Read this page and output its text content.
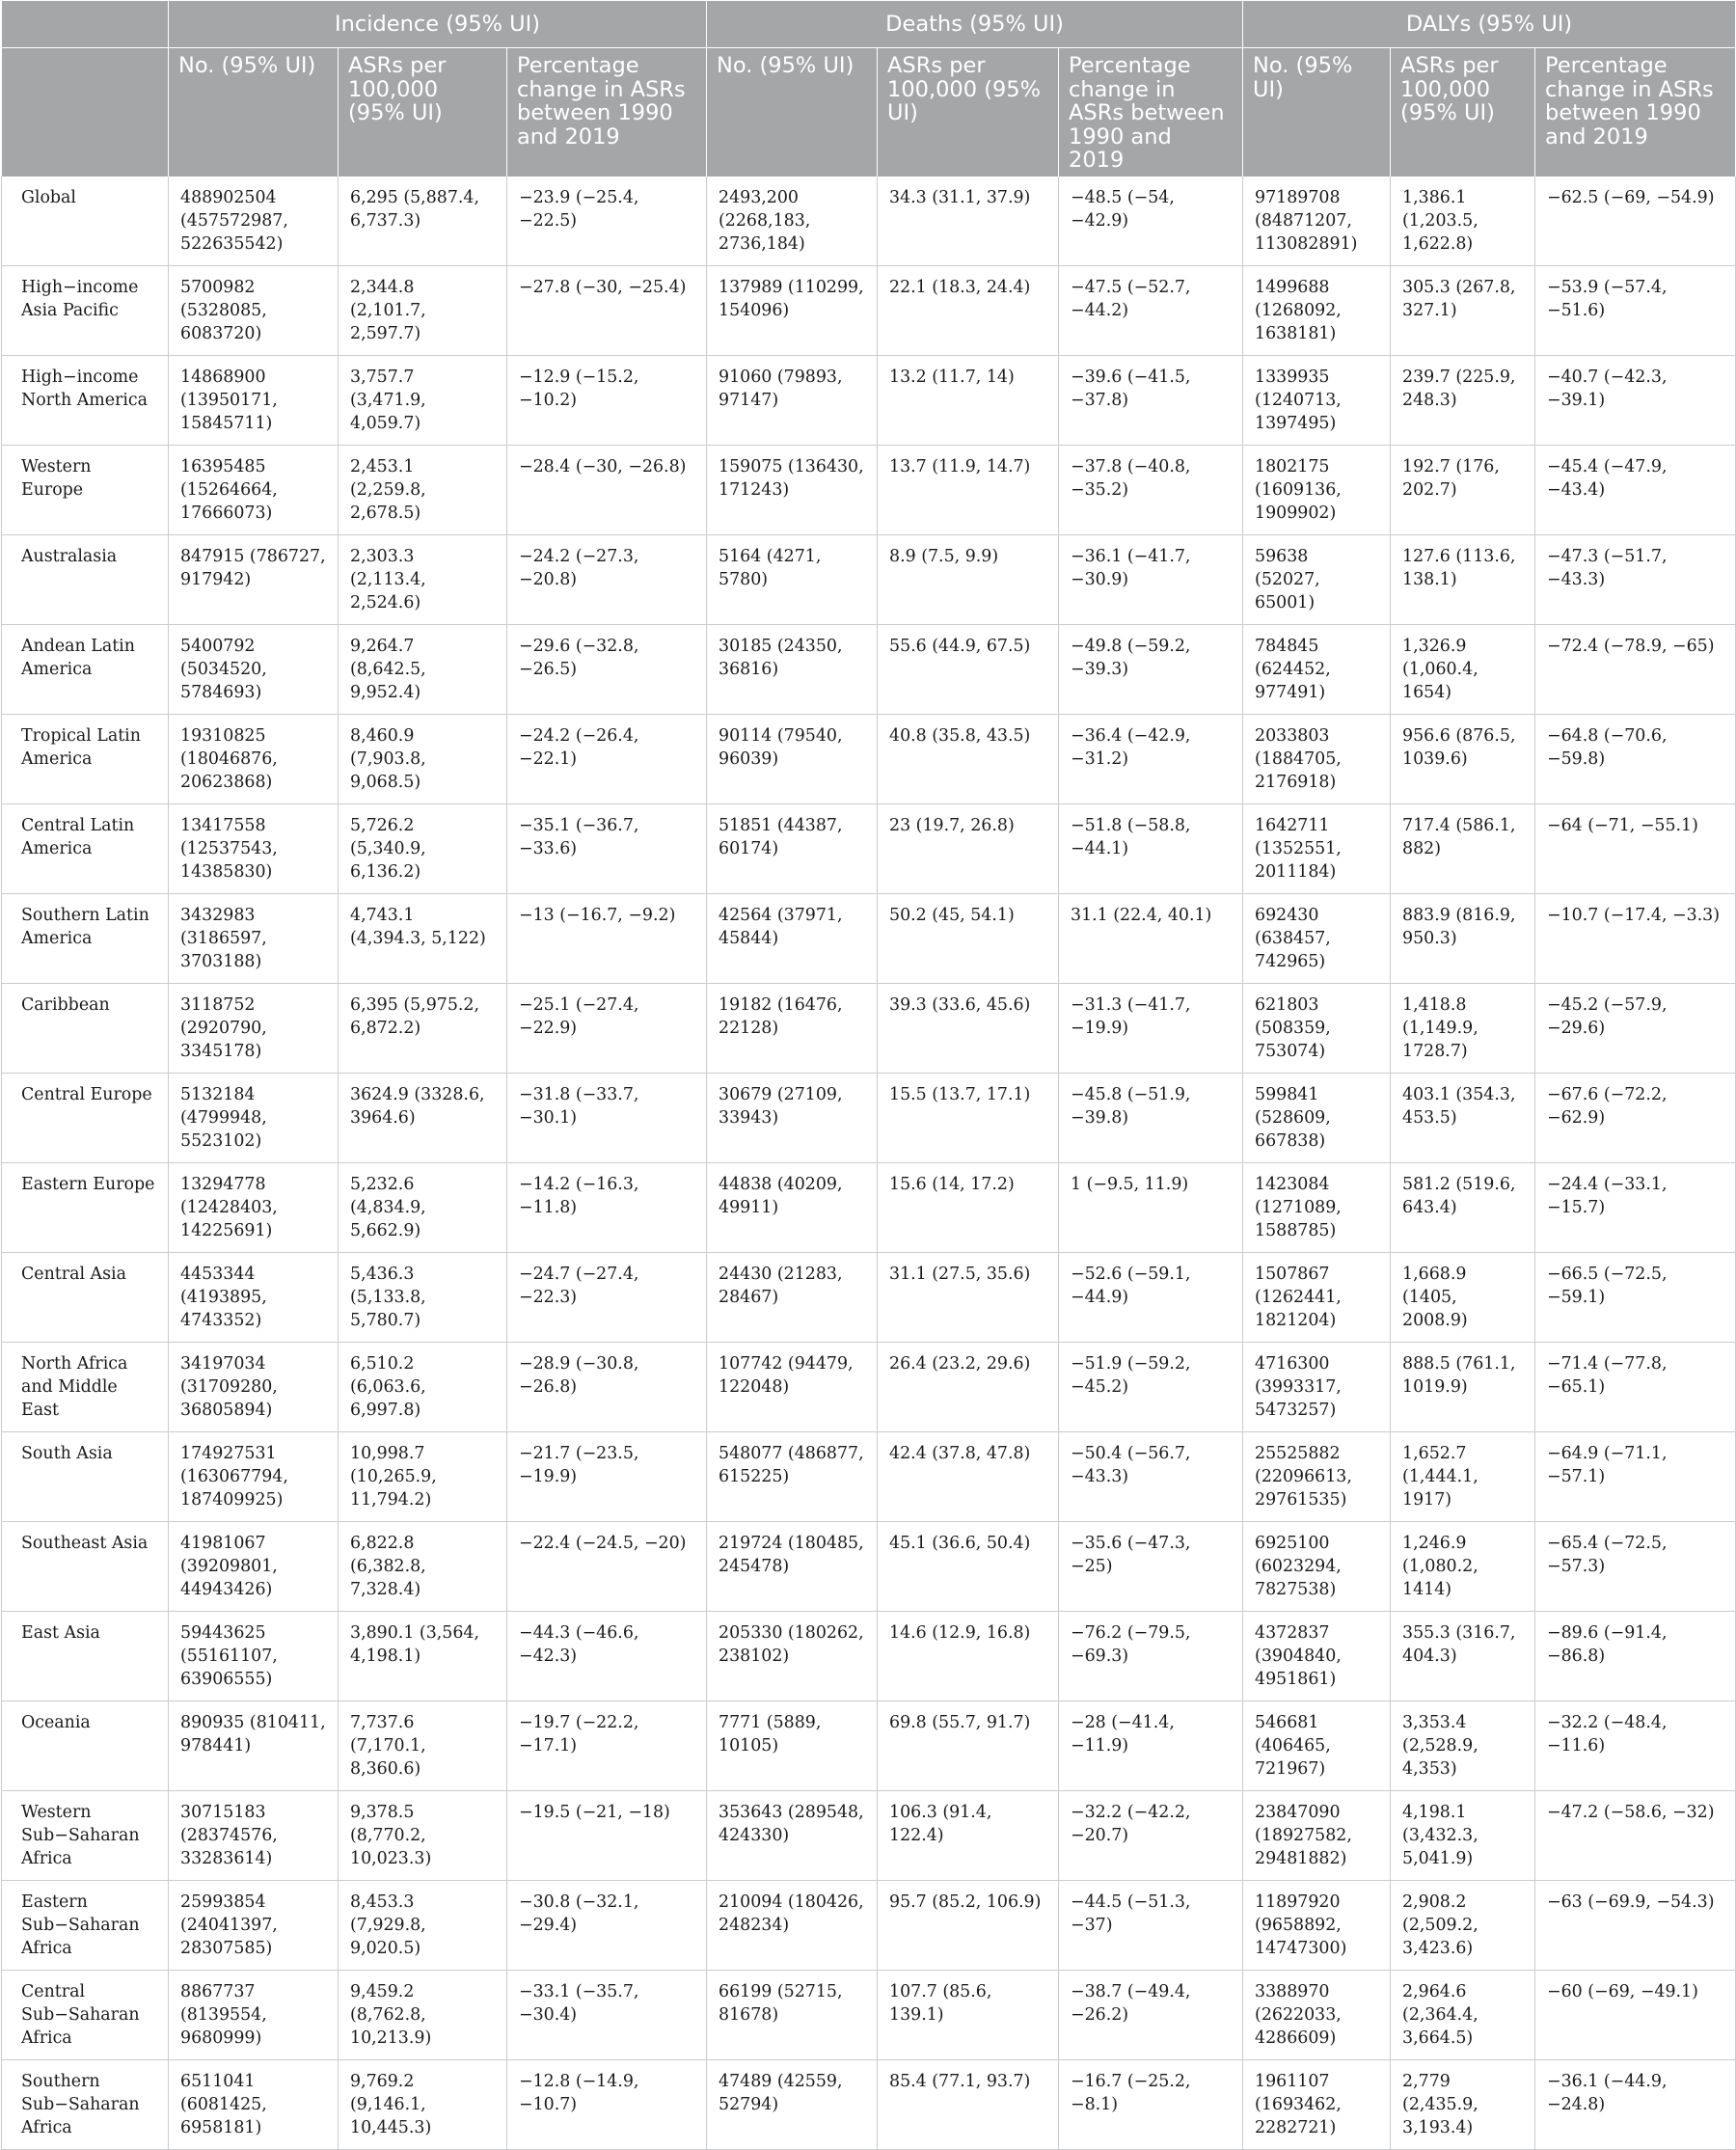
	Incidence (95% UI)			Deaths (95% UI)			DALYs (95% UI)		
	No. (95% UI)	ASRs per 100,000 (95% UI)	Percentage change in ASRs between 1990 and 2019	No. (95% UI)	ASRs per 100,000 (95% UI)	Percentage change in ASRs between 1990 and 2019	No. (95% UI)	ASRs per 100,000 (95% UI)	Percentage change in ASRs between 1990 and 2019
Global	488902504 (457572987, 522635542)	6,295 (5,887.4, 6,737.3)	−23.9 (−25.4, −22.5)	2493,200 (2268,183, 2736,184)	34.3 (31.1, 37.9)	−48.5 (−54, −42.9)	97189708 (84871207, 113082891)	1,386.1 (1,203.5, 1,622.8)	−62.5 (−69, −54.9)
High−income Asia Pacific	5700982 (5328085, 6083720)	2,344.8 (2,101.7, 2,597.7)	−27.8 (−30, −25.4)	137989 (110299, 154096)	22.1 (18.3, 24.4)	−47.5 (−52.7, −44.2)	1499688 (1268092, 1638181)	305.3 (267.8, 327.1)	−53.9 (−57.4, −51.6)
High−income North America	14868900 (13950171, 15845711)	3,757.7 (3,471.9, 4,059.7)	−12.9 (−15.2, −10.2)	91060 (79893, 97147)	13.2 (11.7, 14)	−39.6 (−41.5, −37.8)	1339935 (1240713, 1397495)	239.7 (225.9, 248.3)	−40.7 (−42.3, −39.1)
Western Europe	16395485 (15264664, 17666073)	2,453.1 (2,259.8, 2,678.5)	−28.4 (−30, −26.8)	159075 (136430, 171243)	13.7 (11.9, 14.7)	−37.8 (−40.8, −35.2)	1802175 (1609136, 1909902)	192.7 (176, 202.7)	−45.4 (−47.9, −43.4)
Australasia	847915 (786727, 917942)	2,303.3 (2,113.4, 2,524.6)	−24.2 (−27.3, −20.8)	5164 (4271, 5780)	8.9 (7.5, 9.9)	−36.1 (−41.7, −30.9)	59638 (52027, 65001)	127.6 (113.6, 138.1)	−47.3 (−51.7, −43.3)
Andean Latin America	5400792 (5034520, 5784693)	9,264.7 (8,642.5, 9,952.4)	−29.6 (−32.8, −26.5)	30185 (24350, 36816)	55.6 (44.9, 67.5)	−49.8 (−59.2, −39.3)	784845 (624452, 977491)	1,326.9 (1,060.4, 1654)	−72.4 (−78.9, −65)
Tropical Latin America	19310825 (18046876, 20623868)	8,460.9 (7,903.8, 9,068.5)	−24.2 (−26.4, −22.1)	90114 (79540, 96039)	40.8 (35.8, 43.5)	−36.4 (−42.9, −31.2)	2033803 (1884705, 2176918)	956.6 (876.5, 1039.6)	−64.8 (−70.6, −59.8)
Central Latin America	13417558 (12537543, 14385830)	5,726.2 (5,340.9, 6,136.2)	−35.1 (−36.7, −33.6)	51851 (44387, 60174)	23 (19.7, 26.8)	−51.8 (−58.8, −44.1)	1642711 (1352551, 2011184)	717.4 (586.1, 882)	−64 (−71, −55.1)
Southern Latin America	3432983 (3186597, 3703188)	4,743.1 (4,394.3, 5,122)	−13 (−16.7, −9.2)	42564 (37971, 45844)	50.2 (45, 54.1)	31.1 (22.4, 40.1)	692430 (638457, 742965)	883.9 (816.9, 950.3)	−10.7 (−17.4, −3.3)
Caribbean	3118752 (2920790, 3345178)	6,395 (5,975.2, 6,872.2)	−25.1 (−27.4, −22.9)	19182 (16476, 22128)	39.3 (33.6, 45.6)	−31.3 (−41.7, −19.9)	621803 (508359, 753074)	1,418.8 (1,149.9, 1728.7)	−45.2 (−57.9, −29.6)
Central Europe	5132184 (4799948, 5523102)	3624.9 (3328.6, 3964.6)	−31.8 (−33.7, −30.1)	30679 (27109, 33943)	15.5 (13.7, 17.1)	−45.8 (−51.9, −39.8)	599841 (528609, 667838)	403.1 (354.3, 453.5)	−67.6 (−72.2, −62.9)
Eastern Europe	13294778 (12428403, 14225691)	5,232.6 (4,834.9, 5,662.9)	−14.2 (−16.3, −11.8)	44838 (40209, 49911)	15.6 (14, 17.2)	1 (−9.5, 11.9)	1423084 (1271089, 1588785)	581.2 (519.6, 643.4)	−24.4 (−33.1, −15.7)
Central Asia	4453344 (4193895, 4743352)	5,436.3 (5,133.8, 5,780.7)	−24.7 (−27.4, −22.3)	24430 (21283, 28467)	31.1 (27.5, 35.6)	−52.6 (−59.1, −44.9)	1507867 (1262441, 1821204)	1,668.9 (1405, 2008.9)	−66.5 (−72.5, −59.1)
North Africa and Middle East	34197034 (31709280, 36805894)	6,510.2 (6,063.6, 6,997.8)	−28.9 (−30.8, −26.8)	107742 (94479, 122048)	26.4 (23.2, 29.6)	−51.9 (−59.2, −45.2)	4716300 (3993317, 5473257)	888.5 (761.1, 1019.9)	−71.4 (−77.8, −65.1)
South Asia	174927531 (163067794, 187409925)	10,998.7 (10,265.9, 11,794.2)	−21.7 (−23.5, −19.9)	548077 (486877, 615225)	42.4 (37.8, 47.8)	−50.4 (−56.7, −43.3)	25525882 (22096613, 29761535)	1,652.7 (1,444.1, 1917)	−64.9 (−71.1, −57.1)
Southeast Asia	41981067 (39209801, 44943426)	6,822.8 (6,382.8, 7,328.4)	−22.4 (−24.5, −20)	219724 (180485, 245478)	45.1 (36.6, 50.4)	−35.6 (−47.3, −25)	6925100 (6023294, 7827538)	1,246.9 (1,080.2, 1414)	−65.4 (−72.5, −57.3)
East Asia	59443625 (55161107, 63906555)	3,890.1 (3,564, 4,198.1)	−44.3 (−46.6, −42.3)	205330 (180262, 238102)	14.6 (12.9, 16.8)	−76.2 (−79.5, −69.3)	4372837 (3904840, 4951861)	355.3 (316.7, 404.3)	−89.6 (−91.4, −86.8)
Oceania	890935 (810411, 978441)	7,737.6 (7,170.1, 8,360.6)	−19.7 (−22.2, −17.1)	7771 (5889, 10105)	69.8 (55.7, 91.7)	−28 (−41.4, −11.9)	546681 (406465, 721967)	3,353.4 (2,528.9, 4,353)	−32.2 (−48.4, −11.6)
Western Sub−Saharan Africa	30715183 (28374576, 33283614)	9,378.5 (8,770.2, 10,023.3)	−19.5 (−21, −18)	353643 (289548, 424330)	106.3 (91.4, 122.4)	−32.2 (−42.2, −20.7)	23847090 (18927582, 29481882)	4,198.1 (3,432.3, 5,041.9)	−47.2 (−58.6, −32)
Eastern Sub−Saharan Africa	25993854 (24041397, 28307585)	8,453.3 (7,929.8, 9,020.5)	−30.8 (−32.1, −29.4)	210094 (180426, 248234)	95.7 (85.2, 106.9)	−44.5 (−51.3, −37)	11897920 (9658892, 14747300)	2,908.2 (2,509.2, 3,423.6)	−63 (−69.9, −54.3)
Central Sub−Saharan Africa	8867737 (8139554, 9680999)	9,459.2 (8,762.8, 10,213.9)	−33.1 (−35.7, −30.4)	66199 (52715, 81678)	107.7 (85.6, 139.1)	−38.7 (−49.4, −26.2)	3388970 (2622033, 4286609)	2,964.6 (2,364.4, 3,664.5)	−60 (−69, −49.1)
Southern Sub−Saharan Africa	6511041 (6081425, 6958181)	9,769.2 (9,146.1, 10,445.3)	−12.8 (−14.9, −10.7)	47489 (42559, 52794)	85.4 (77.1, 93.7)	−16.7 (−25.2, −8.1)	1961107 (1693462, 2282721)	2,779 (2,435.9, 3,193.4)	−36.1 (−44.9, −24.8)
